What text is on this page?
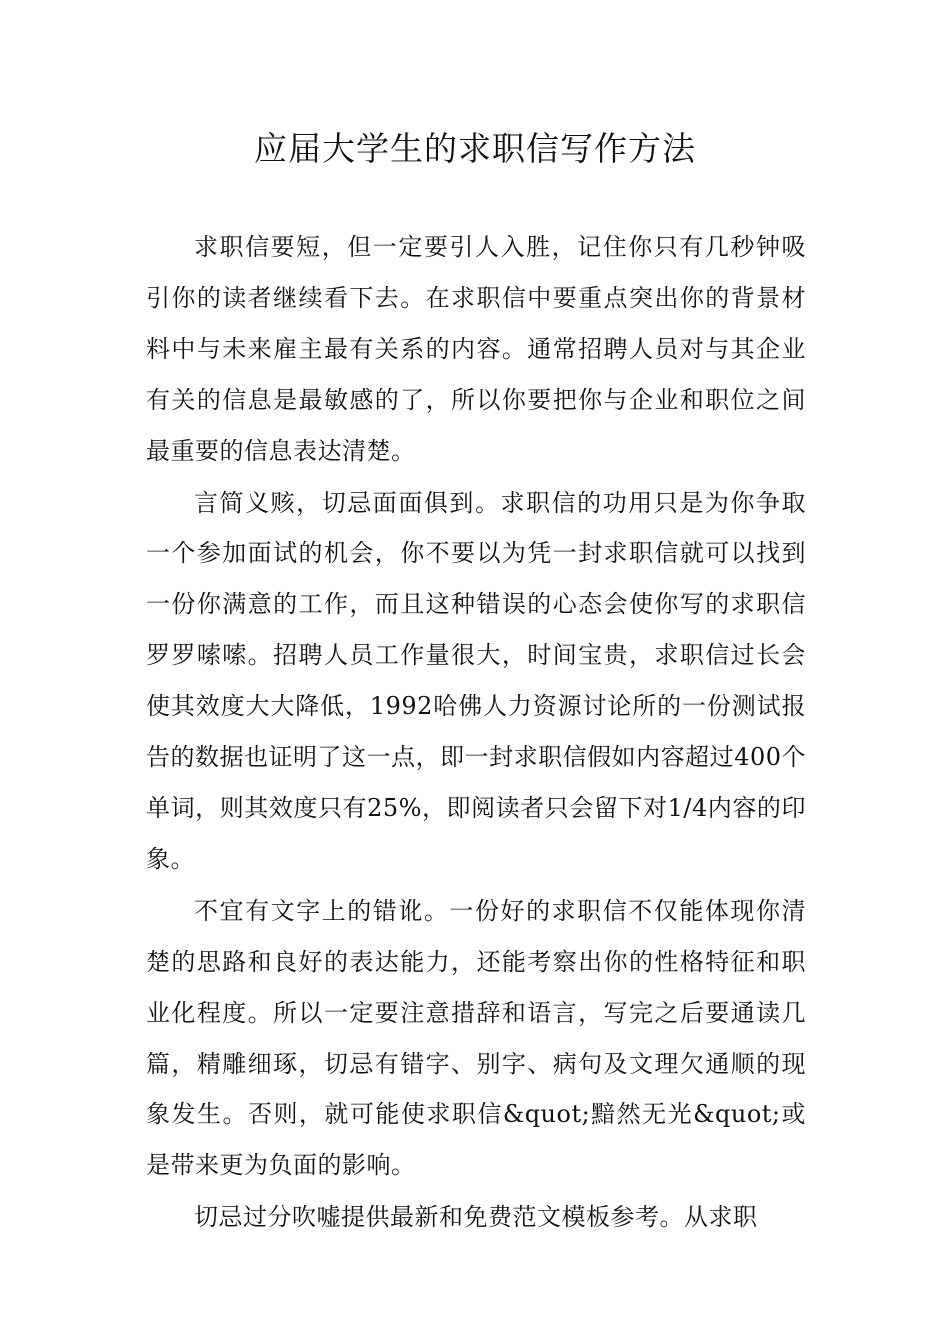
应届大学生的求职信写作方法

求职信要短，但一定要引人入胜，记住你只有几秒钟吸引你的读者继续看下去。在求职信中要重点突出你的背景材料中与未来雇主最有关系的内容。通常招聘人员对与其企业有关的信息是最敏感的了，所以你要把你与企业和职位之间最重要的信息表达清楚。

言简义赅，切忌面面俱到。求职信的功用只是为你争取一个参加面试的机会，你不要以为凭一封求职信就可以找到一份你满意的工作，而且这种错误的心态会使你写的求职信罗罗嗦嗦。招聘人员工作量很大，时间宝贵，求职信过长会使其效度大大降低，1992哈佛人力资源讨论所的一份测试报告的数据也证明了这一点，即一封求职信假如内容超过400个单词，则其效度只有25%，即阅读者只会留下对1/4内容的印象。

不宜有文字上的错讹。一份好的求职信不仅能体现你清楚的思路和良好的表达能力，还能考察出你的性格特征和职业化程度。所以一定要注意措辞和语言，写完之后要通读几篇，精雕细琢，切忌有错字、别字、病句及文理欠通顺的现象发生。否则，就可能使求职信&quot;黯然无光&quot;或是带来更为负面的影响。

切忌过分吹嘘提供最新和免费范文模板参考。从求职
